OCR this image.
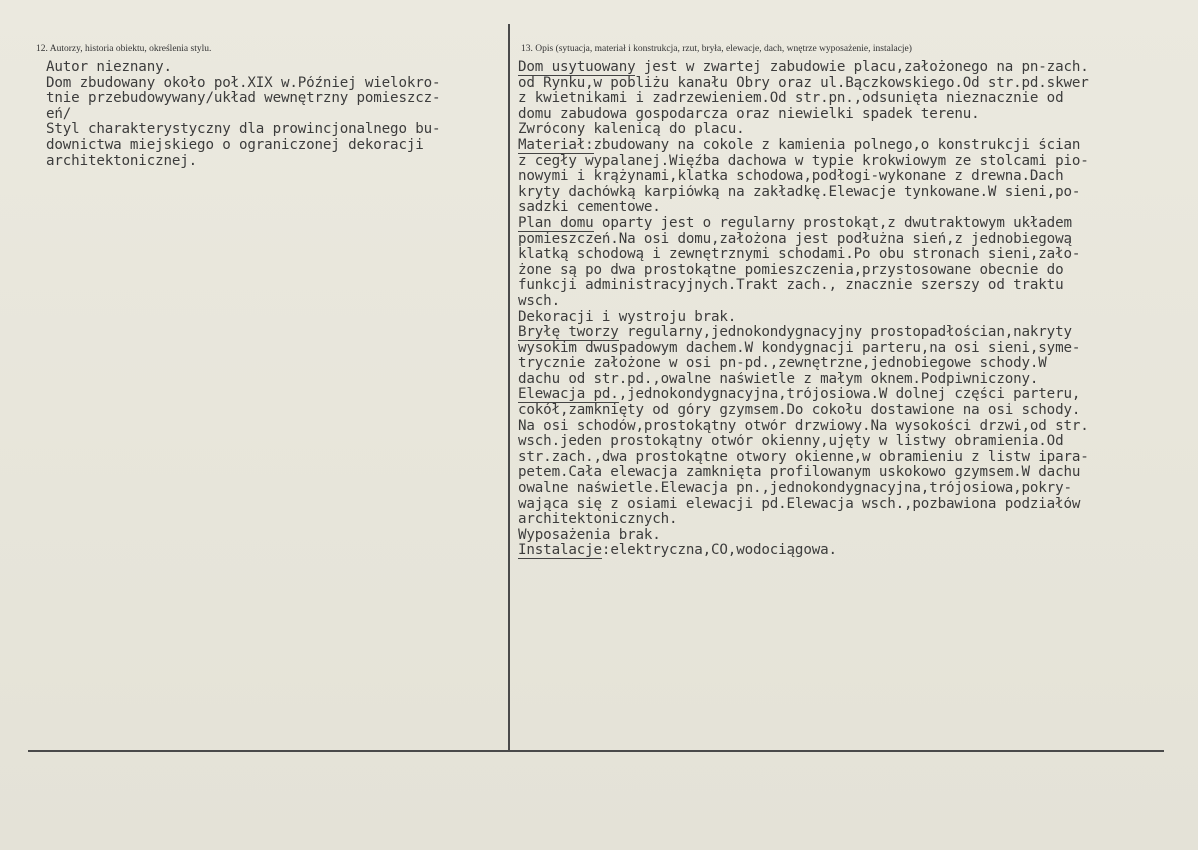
12. Autorzy, historia obiektu, określenia stylu.	13. Opis (sytuacja, materiał i konstrukcja, rzut, bryła, elewacje, dach, wnętrze wyposażenie, instalacje)
Autor nieznany.
Dom zbudowany około poł.XIX w.Później wielokro-
tnie przebudowywany/układ wewnętrzny pomieszcz-
eń/
Styl charakterystyczny dla prowincjonalnego bu-
downictwa miejskiego o ograniczonej dekoracji
architektonicznej.
Dom usytuowany jest w zwartej zabudowie placu,założonego na pn-zach.
od Rynku,w pobliżu kanału Obry oraz ul.Bączkowskiego.Od str.pd.skwer
z kwietnikami i zadrzewieniem.Od str.pn.,odsunięta nieznacznie od
domu zabudowa gospodarcza oraz niewielki spadek terenu.
Zwrócony kalenicą do placu.
Materiał:zbudowany na cokole z kamienia polnego,o konstrukcji ścian
z cegły wypalanej.Więźba dachowa w typie krokwiowym ze stolcami pio-
nowymi i krążynami,klatka schodowa,podłogi-wykonane z drewna.Dach
kryty dachówką karpiówką na zakładkę.Elewacje tynkowane.W sieni,po-
sadzki cementowe.
Plan domu oparty jest o regularny prostokąt,z dwutraktowym układem
pomieszczeń.Na osi domu,założona jest podłużna sień,z jednobiegową
klatką schodową i zewnętrznymi schodami.Po obu stronach sieni,zało-
żone są po dwa prostokątne pomieszczenia,przystosowane obecnie do
funkcji administracyjnych.Trakt zach., znacznie szerszy od traktu
wsch.
Dekoracji i wystroju brak.
Bryłę tworzy regularny,jednokondygnacyjny prostopadłościan,nakryty
wysokim dwuspadowym dachem.W kondygnacji parteru,na osi sieni,syme-
trycznie założone w osi pn-pd.,zewnętrzne,jednobiegowe schody.W
dachu od str.pd.,owalne naświetle z małym oknem.Podpiwniczony.
Elewacja pd.,jednokondygnacyjna,trójosiowa.W dolnej części parteru,
cokół,zamknięty od góry gzymsem.Do cokołu dostawione na osi schody.
Na osi schodów,prostokątny otwór drzwiowy.Na wysokości drzwi,od str.
wsch.jeden prostokątny otwór okienny,ujęty w listwy obramienia.Od
str.zach.,dwa prostokątne otwory okienne,w obramieniu z listw ipara-
petem.Cała elewacja zamknięta profilowanym uskokowo gzymsem.W dachu
owalne naświetle.Elewacja pn.,jednokondygnacyjna,trójosiowa,pokry-
wająca się z osiami elewacji pd.Elewacja wsch.,pozbawiona podziałów
architektonicznych.
Wyposażenia brak.
Instalacje:elektryczna,CO,wodociągowa.
